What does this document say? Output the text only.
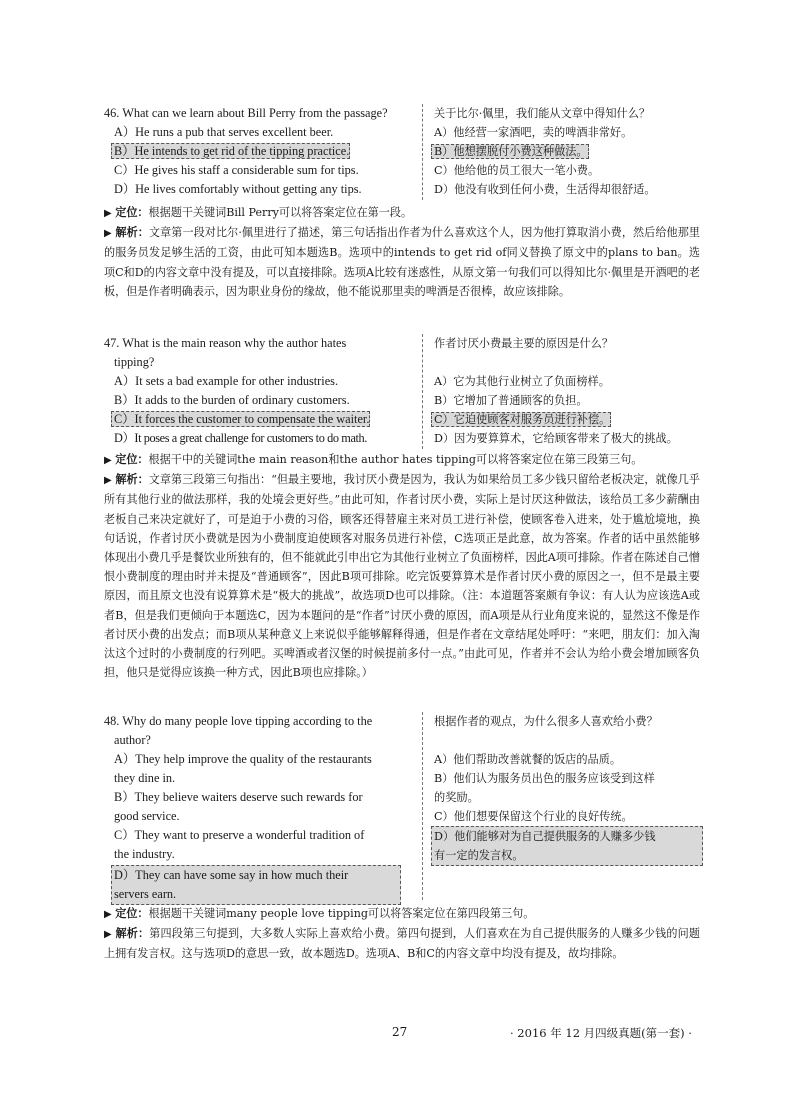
46. What can we learn about Bill Perry from the passage?
A）He runs a pub that serves excellent beer.
B）He intends to get rid of the tipping practice.
C）He gives his staff a considerable sum for tips.
D）He lives comfortably without getting any tips.
关于比尔·佩里，我们能从文章中得知什么？
A）他经营一家酒吧，卖的啤酒非常好。
B）他想摆脱付小费这种做法。
C）他给他的员工很大一笔小费。
D）他没有收到任何小费，生活得却很舒适。

▶ 定位：根据题干关键词Bill Perry可以将答案定位在第一段。

▶ 解析：文章第一段对比尔·佩里进行了描述，第三句话指出作者为什么喜欢这个人，因为他打算取消小费，然后给他那里的服务员发足够生活的工资，由此可知本题选B。选项中的intends to get rid of同义替换了原文中的plans to ban。选项C和D的内容文章中没有提及，可以直接排除。选项A比较有迷惑性，从原文第一句我们可以得知比尔·佩里是开酒吧的老板，但是作者明确表示，因为职业身份的缘故，他不能说那里卖的啤酒是否很棒，故应该排除。

47. What is the main reason why the author hates
tipping?
A）It sets a bad example for other industries.
B）It adds to the burden of ordinary customers.
C）It forces the customer to compensate the waiter.
D）It poses a great challenge for customers to do math.
作者讨厌小费最主要的原因是什么？

A）它为其他行业树立了负面榜样。
B）它增加了普通顾客的负担。
C）它迫使顾客对服务员进行补偿。
D）因为要算算术，它给顾客带来了极大的挑战。

▶ 定位：根据干中的关键词the main reason和the author hates tipping可以将答案定位在第三段第三句。

▶ 解析：文章第三段第三句指出：“但最主要地，我讨厌小费是因为，我认为如果给员工多少钱只留给老板决定，就像几乎所有其他行业的做法那样，我的处境会更好些。”由此可知，作者讨厌小费，实际上是讨厌这种做法，该给员工多少薪酬由老板自己来决定就好了，可是迫于小费的习俗，顾客还得替雇主来对员工进行补偿，使顾客卷入进来，处于尴尬境地，换句话说，作者讨厌小费就是因为小费制度迫使顾客对服务员进行补偿，C选项正是此意，故为答案。作者的话中虽然能够体现出小费几乎是餐饮业所独有的，但不能就此引申出它为其他行业树立了负面榜样，因此A项可排除。作者在陈述自己憎恨小费制度的理由时并未提及“普通顾客”，因此B项可排除。吃完饭要算算术是作者讨厌小费的原因之一，但不是最主要原因，而且原文也没有说算算术是“极大的挑战”，故选项D也可以排除。（注：本道题答案颇有争议：有人认为应该选A或者B，但是我们更倾向于本题选C，因为本题问的是“作者”讨厌小费的原因，而A项是从行业角度来说的，显然这不像是作者讨厌小费的出发点；而B项从某种意义上来说似乎能够解释得通，但是作者在文章结尾处呼吁：“来吧，朋友们：加入淘汰这个过时的小费制度的行列吧。买啤酒或者汉堡的时候提前多付一点。”由此可见，作者并不会认为给小费会增加顾客负担，他只是觉得应该换一种方式，因此B项也应排除。）

48. Why do many people love tipping according to the
author?
A）They help improve the quality of the restaurants
they dine in.
B）They believe waiters deserve such rewards for
good service.
C）They want to preserve a wonderful tradition of
the industry.
D）They can have some say in how much their
servers earn.
根据作者的观点，为什么很多人喜欢给小费？

A）他们帮助改善就餐的饭店的品质。
B）他们认为服务员出色的服务应该受到这样
的奖励。
C）他们想要保留这个行业的良好传统。
D）他们能够对为自己提供服务的人赚多少钱
有一定的发言权。

▶ 定位：根据题干关键词many people love tipping可以将答案定位在第四段第三句。

▶ 解析：第四段第三句提到，大多数人实际上喜欢给小费。第四句提到，人们喜欢在为自己提供服务的人赚多少钱的问题上拥有发言权。这与选项D的意思一致，故本题选D。选项A、B和C的内容文章中均没有提及，故均排除。

27	· 2016 年 12 月四级真题(第一套) ·
